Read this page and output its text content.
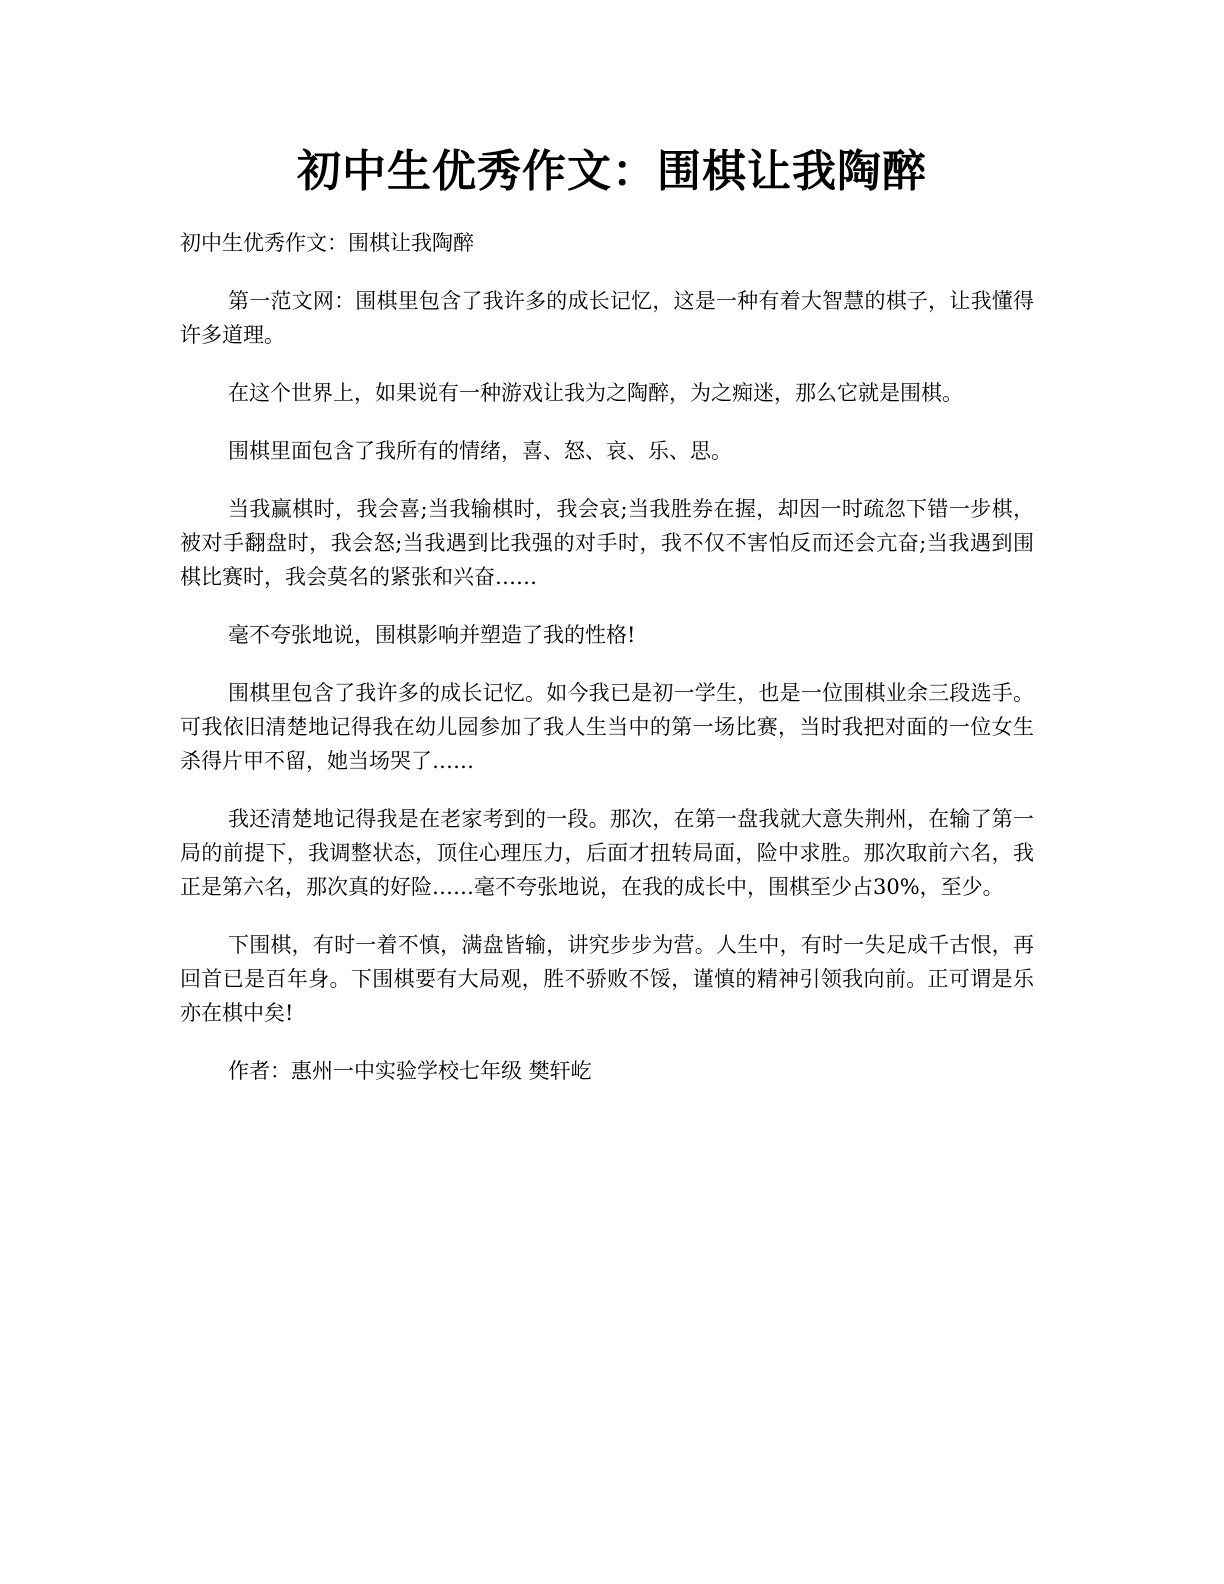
初中生优秀作文：围棋让我陶醉

初中生优秀作文：围棋让我陶醉

第一范文网：围棋里包含了我许多的成长记忆，这是一种有着大智慧的棋子，让我懂得许多道理。

在这个世界上，如果说有一种游戏让我为之陶醉，为之痴迷，那么它就是围棋。

围棋里面包含了我所有的情绪，喜、怒、哀、乐、思。

当我赢棋时，我会喜;当我输棋时，我会哀;当我胜券在握，却因一时疏忽下错一步棋，被对手翻盘时，我会怒;当我遇到比我强的对手时，我不仅不害怕反而还会亢奋;当我遇到围棋比赛时，我会莫名的紧张和兴奋……

毫不夸张地说，围棋影响并塑造了我的性格!

围棋里包含了我许多的成长记忆。如今我已是初一学生，也是一位围棋业余三段选手。可我依旧清楚地记得我在幼儿园参加了我人生当中的第一场比赛，当时我把对面的一位女生杀得片甲不留，她当场哭了……

我还清楚地记得我是在老家考到的一段。那次，在第一盘我就大意失荆州，在输了第一局的前提下，我调整状态，顶住心理压力，后面才扭转局面，险中求胜。那次取前六名，我正是第六名，那次真的好险……毫不夸张地说，在我的成长中，围棋至少占30%，至少。

下围棋，有时一着不慎，满盘皆输，讲究步步为营。人生中，有时一失足成千古恨，再回首已是百年身。下围棋要有大局观，胜不骄败不馁，谨慎的精神引领我向前。正可谓是乐亦在棋中矣!

作者：惠州一中实验学校七年级 樊轩屹
